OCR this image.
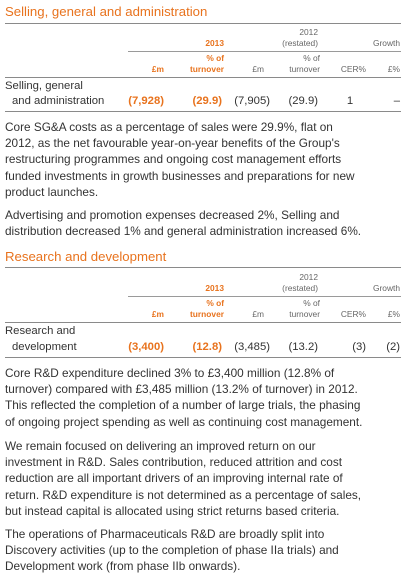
Selling, general and administration
2012
(restated)	Growth
2013
% of	% of
£m	turnover	£m	turnover	CER%	£%
Selling, general
and administration	(7,928)	(29.9)	(7,905)	(29.9)	1	–
Core SG&A costs as a percentage of sales were 29.9%, flat on
2012, as the net favourable year-on-year benefits of the Group's
restructuring programmes and ongoing cost management efforts
funded investments in growth businesses and preparations for new
product launches.
Advertising and promotion expenses decreased 2%, Selling and
distribution decreased 1% and general administration increased 6%.
Research and development
2012
(restated)	Growth
2013
% of	% of
£m	turnover	£m	turnover	CER%	£%
Research and
development	(3,400)	(12.8)	(3,485)	(13.2)	(3)	(2)
Core R&D expenditure declined 3% to £3,400 million (12.8% of
turnover) compared with £3,485 million (13.2% of turnover) in 2012.
This reflected the completion of a number of large trials, the phasing
of ongoing project spending as well as continuing cost management.
We remain focused on delivering an improved return on our
investment in R&D. Sales contribution, reduced attrition and cost
reduction are all important drivers of an improving internal rate of
return. R&D expenditure is not determined as a percentage of sales,
but instead capital is allocated using strict returns based criteria.
The operations of Pharmaceuticals R&D are broadly split into
Discovery activities (up to the completion of phase IIa trials) and
Development work (from phase IIb onwards).
